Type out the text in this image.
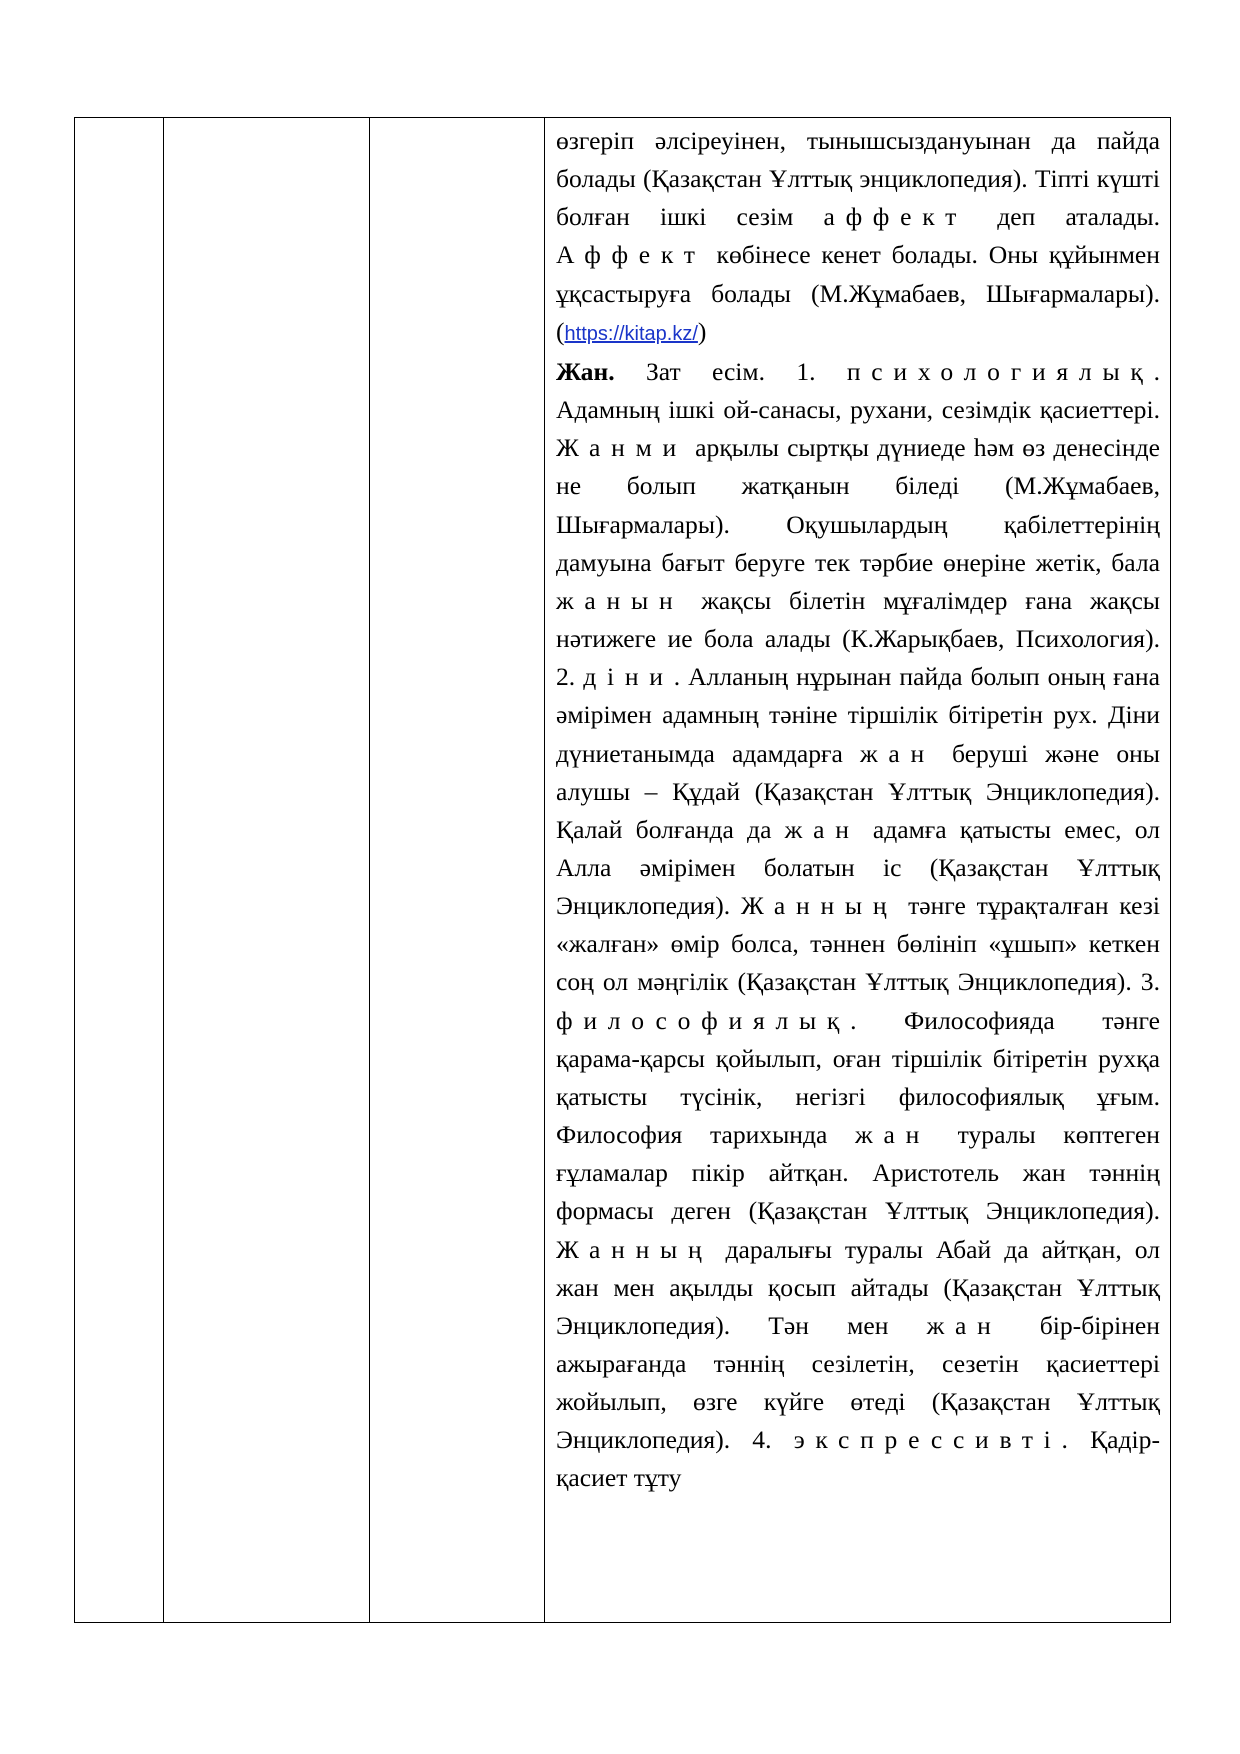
өзгеріп әлсіреуінен, тынышсыздануынан да пайда болады (Қазақстан Ұлттық энциклопедия). Тіпті күшті болған ішкі сезім аффект деп аталады. Аффект көбінесе кенет болады. Оны құйынмен ұқсастыруға болады (М.Жұмабаев, Шығармалары). (https://kitap.kz/)

Жан. Зат есім. 1. психологиялық. Адамның ішкі ой-санасы, рухани, сезімдік қасиеттері. Жанми арқылы сыртқы дүниеде һәм өз денесінде не болып жатқанын біледі (М.Жұмабаев, Шығармалары). Оқушылардың қабілеттерінің дамуына бағыт беруге тек тәрбие өнеріне жетік, бала жанын жақсы білетін мұғалімдер ғана жақсы нәтижеге ие бола алады (К.Жарықбаев, Психология). 2. діни. Алланың нұрынан пайда болып оның ғана әмірімен адамның тәніне тіршілік бітіретін рух. Діни дүниетанымда адамдарға жан беруші және оны алушы – Құдай (Қазақстан Ұлттық Энциклопедия). Қалай болғанда да жан адамға қатысты емес, ол Алла әмірімен болатын іс (Қазақстан Ұлттық Энциклопедия). Жанның тәнге тұрақталған кезі «жалған» өмір болса, тәннен бөлініп «ұшып» кеткен соң ол мәңгілік (Қазақстан Ұлттық Энциклопедия). 3. философиялық. Философияда тәнге қарама-қарсы қойылып, оған тіршілік бітіретін рухқа қатысты түсінік, негізгі философиялық ұғым. Философия тарихында жан туралы көптеген ғұламалар пікір айтқан. Аристотель жан тәннің формасы деген (Қазақстан Ұлттық Энциклопедия). Жанның даралығы туралы Абай да айтқан, ол жан мен ақылды қосып айтады (Қазақстан Ұлттық Энциклопедия). Тән мен жан бір-бірінен ажырағанда тәннің сезілетін, сезетін қасиеттері жойылып, өзге күйге өтеді (Қазақстан Ұлттық Энциклопедия). 4. экспрессивті. Қадір-қасиет тұту
